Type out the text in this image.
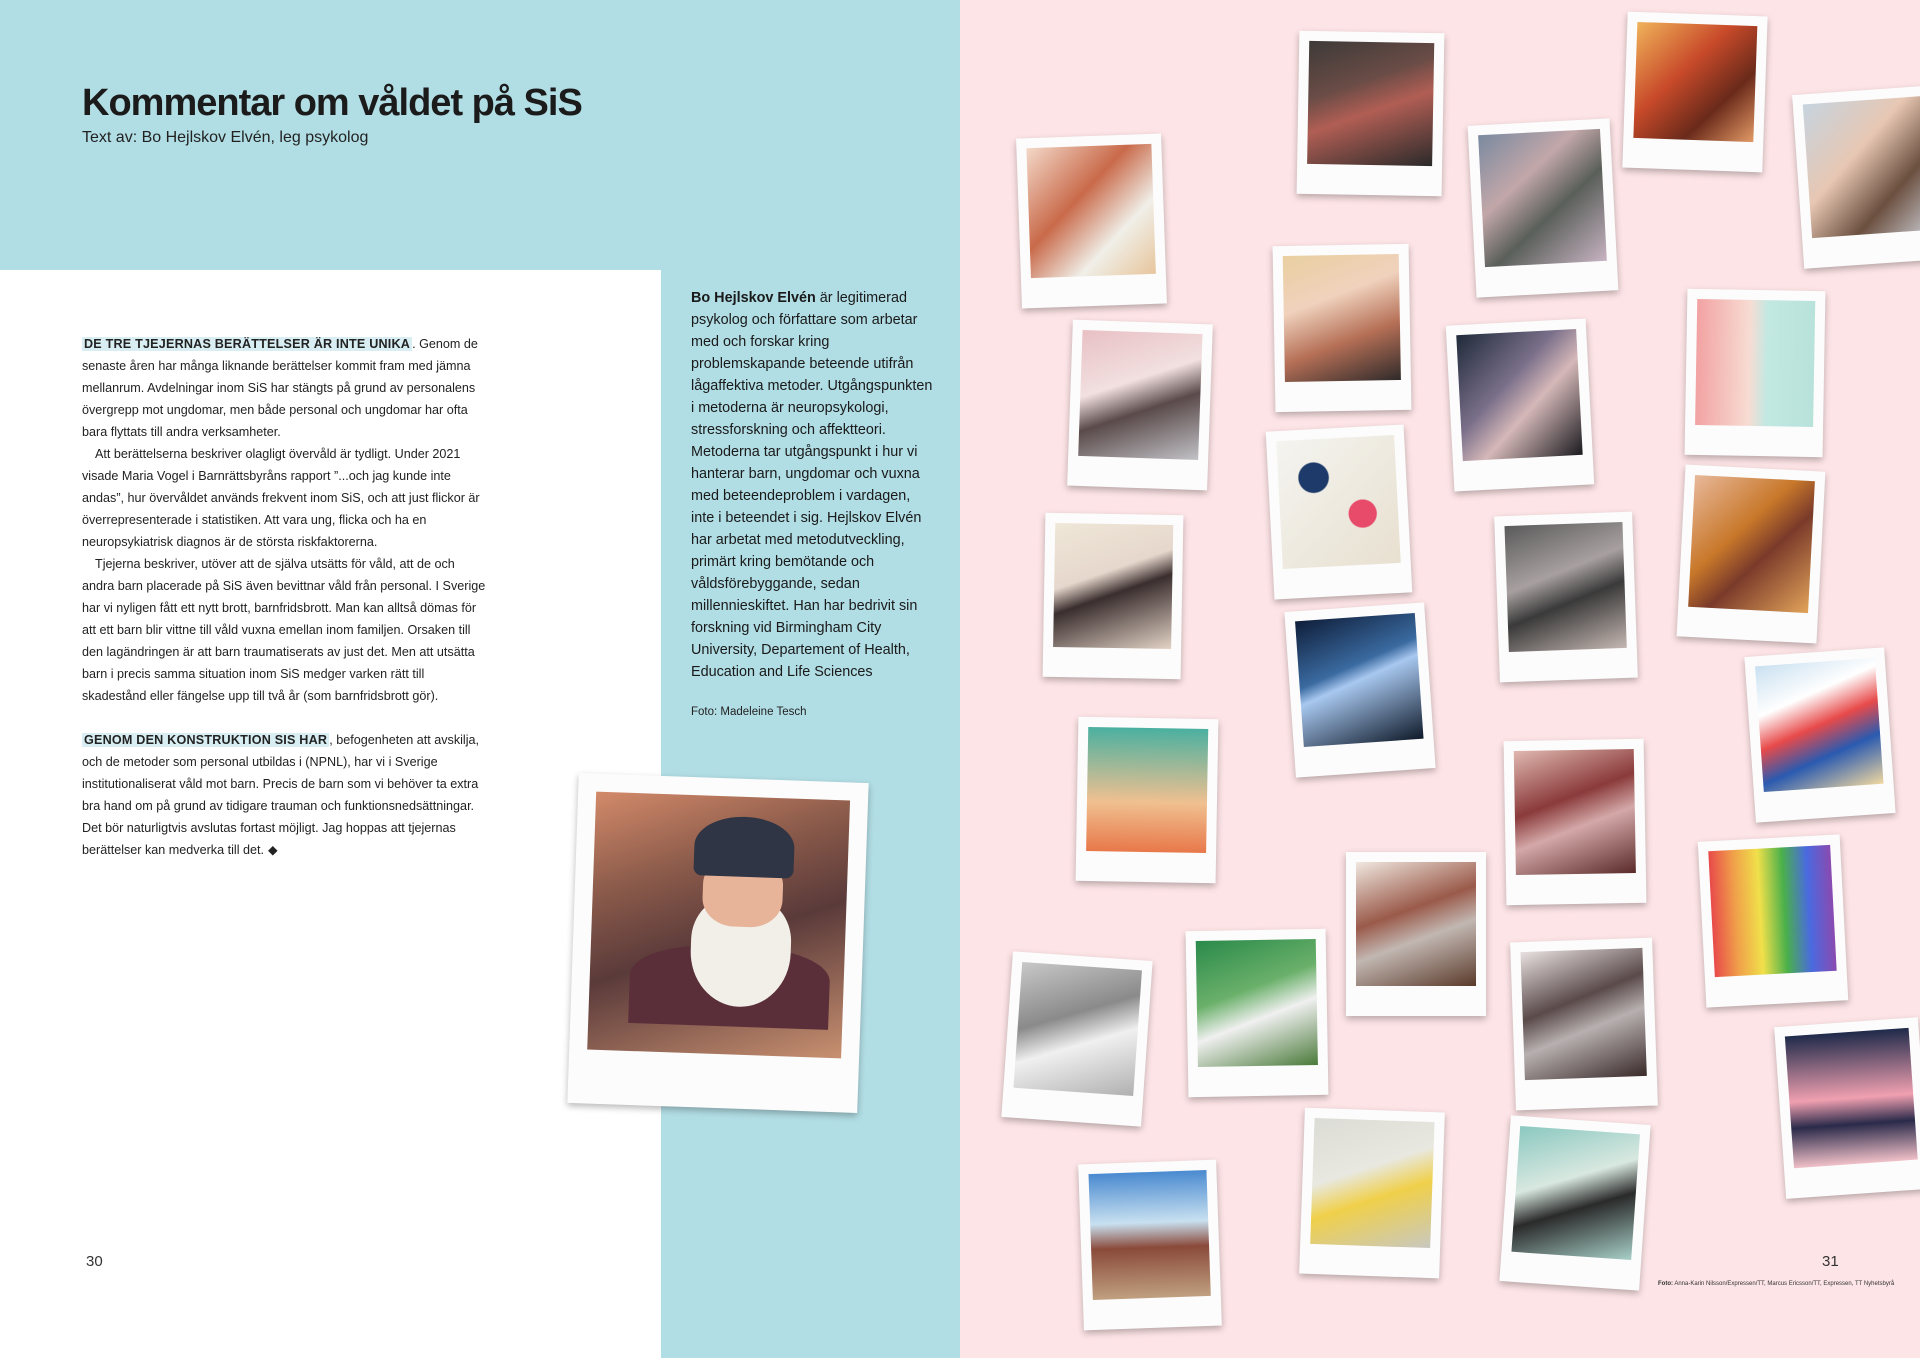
Kommentar om våldet på SiS
Text av: Bo Hejlskov Elvén, leg psykolog

DE TRE TJEJERNAS BERÄTTELSER ÄR INTE UNIKA . Genom de senaste åren har många liknande berättelser kommit fram med jämna mellanrum. Avdelningar inom SiS har stängts på grund av personalens övergrepp mot ungdomar, men både personal och ungdomar har ofta bara flyttats till andra verksamheter.

Att berättelserna beskriver olagligt övervåld är tydligt. Under 2021 visade Maria Vogel i Barnrättsbyråns rapport ”...och jag kunde inte andas”, hur övervåldet används frekvent inom SiS, och att just flickor är överrepresenterade i statistiken. Att vara ung, flicka och ha en neuropsykiatrisk diagnos är de största riskfaktorerna.

Tjejerna beskriver, utöver att de själva utsätts för våld, att de och andra barn placerade på SiS även bevittnar våld från personal. I Sverige har vi nyligen fått ett nytt brott, barnfridsbrott. Man kan alltså dömas för att ett barn blir vittne till våld vuxna emellan inom familjen. Orsaken till den lagändringen är att barn traumatiserats av just det. Men att utsätta barn i precis samma situation inom SiS medger varken rätt till skadestånd eller fängelse upp till två år (som barnfridsbrott gör).

GENOM DEN KONSTRUKTION SIS HAR , befogenheten att avskilja, och de metoder som personal utbildas i (NPNL), har vi i Sverige institutionaliserat våld mot barn. Precis de barn som vi behöver ta extra bra hand om på grund av tidigare trauman och funktionsnedsättningar. Det bör naturligtvis avslutas fortast möjligt. Jag hoppas att tjejernas berättelser kan medverka till det. ◆

Bo Hejlskov Elvén är legitimerad psykolog och författare som arbetar med och forskar kring problemskapande beteende utifrån lågaffektiva metoder. Utgångspunkten i metoderna är neuropsykologi, stressforskning och affektteori. Metoderna tar utgångspunkt i hur vi hanterar barn, ungdomar och vuxna med beteendeproblem i vardagen, inte i beteendet i sig. Hejlskov Elvén har arbetat med metodutveckling, primärt kring bemötande och våldsförebyggande, sedan millennieskiftet. Han har bedrivit sin forskning vid Birmingham City University, Departement of Health, Education and Life Sciences

Foto: Madeleine Tesch
30	31
Foto: Anna-Karin Nilsson/Expressen/TT, Marcus Ericsson/TT, Expressen, TT Nyhetsbyrå
